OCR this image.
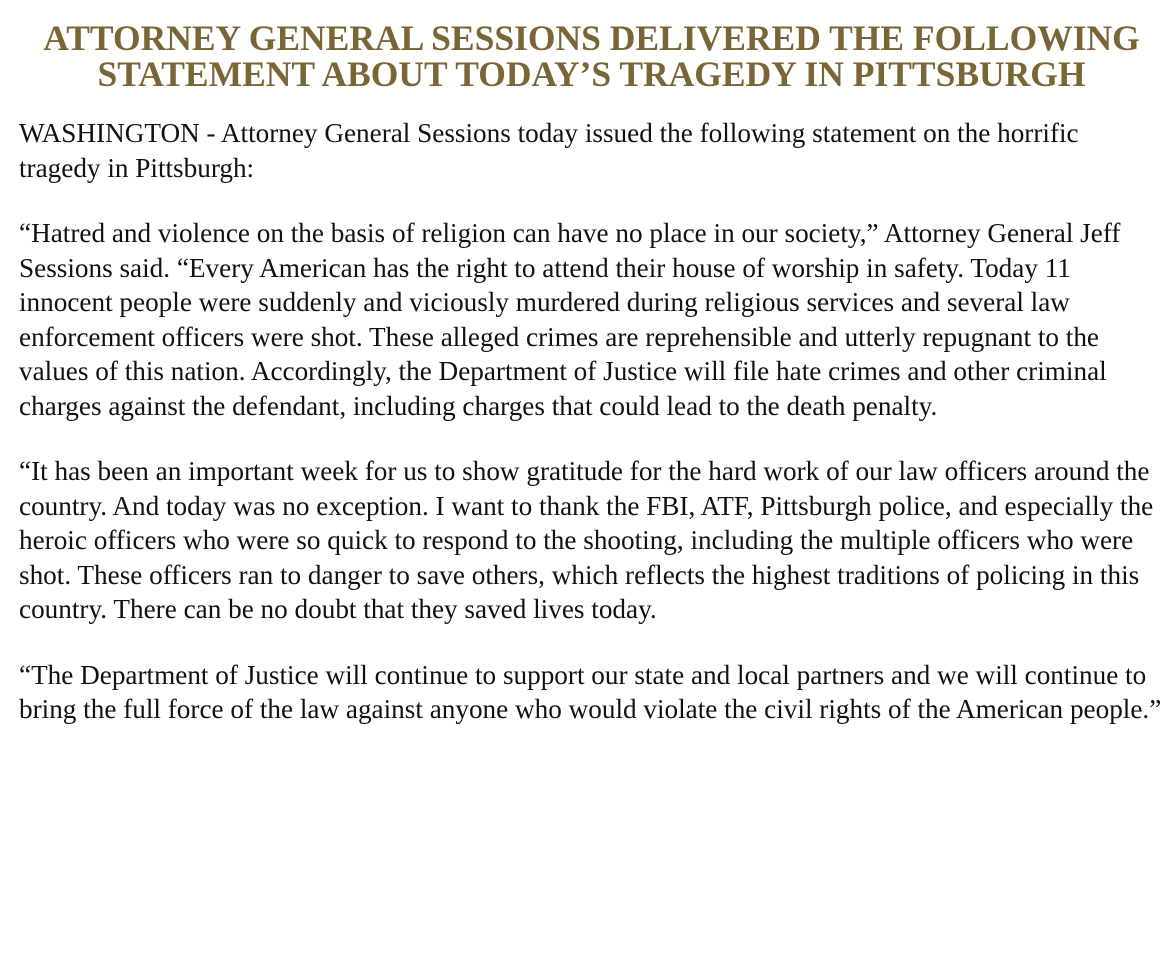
ATTORNEY GENERAL SESSIONS DELIVERED THE FOLLOWING STATEMENT ABOUT TODAY’S TRAGEDY IN PITTSBURGH

WASHINGTON - Attorney General Sessions today issued the following statement on the horrific tragedy in Pittsburgh:

“Hatred and violence on the basis of religion can have no place in our society,” Attorney General Jeff Sessions said. “Every American has the right to attend their house of worship in safety. Today 11 innocent people were suddenly and viciously murdered during religious services and several law enforcement officers were shot. These alleged crimes are reprehensible and utterly repugnant to the values of this nation. Accordingly, the Department of Justice will file hate crimes and other criminal charges against the defendant, including charges that could lead to the death penalty.

“It has been an important week for us to show gratitude for the hard work of our law officers around the country. And today was no exception. I want to thank the FBI, ATF, Pittsburgh police, and especially the heroic officers who were so quick to respond to the shooting, including the multiple officers who were shot. These officers ran to danger to save others, which reflects the highest traditions of policing in this country. There can be no doubt that they saved lives today.

“The Department of Justice will continue to support our state and local partners and we will continue to bring the full force of the law against anyone who would violate the civil rights of the American people.”
